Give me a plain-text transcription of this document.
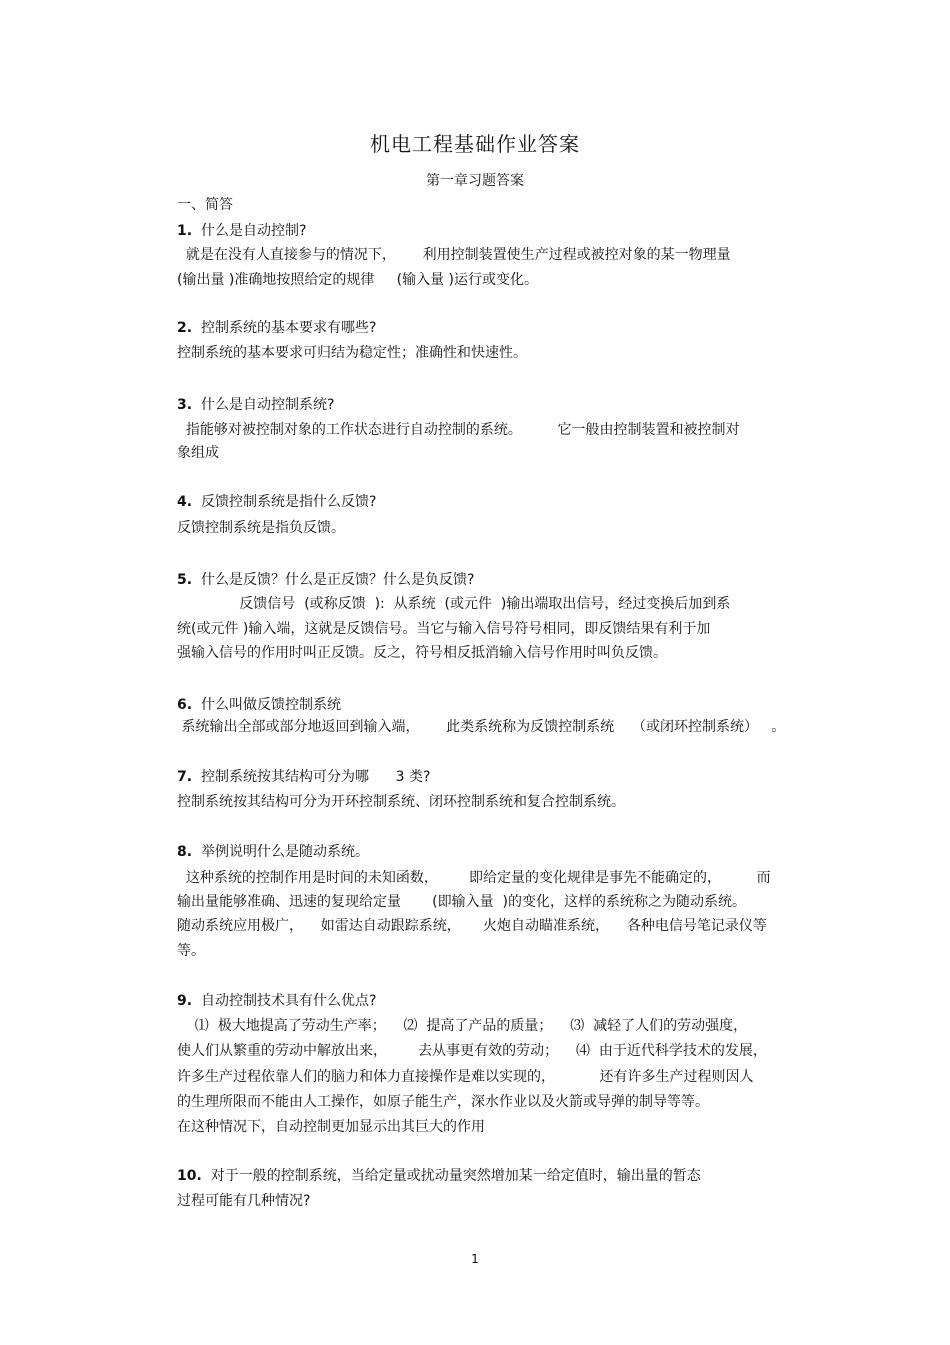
机电工程基础作业答案
第一章习题答案
一、简答
1. 什么是自动控制?
就是在没有人直接参与的情况下，      利用控制装置使生产过程或被控对象的某一物理量
(输出量 )准确地按照给定的规律     (输入量 )运行或变化。
2. 控制系统的基本要求有哪些?
控制系统的基本要求可归结为稳定性；准确性和快速性。
3. 什么是自动控制系统?
指能够对被控制对象的工作状态进行自动控制的系统。        它一般由控制装置和被控制对
象组成
4. 反馈控制系统是指什么反馈?
反馈控制系统是指负反馈。
5. 什么是反馈？什么是正反馈？什么是负反馈?
反馈信号  (或称反馈  ):  从系统  (或元件  )输出端取出信号，经过变换后加到系
统(或元件 )输入端，这就是反馈信号。当它与输入信号符号相同，即反馈结果有利于加
强输入信号的作用时叫正反馈。反之，符号相反抵消输入信号作用时叫负反馈。
6. 什么叫做反馈控制系统
系统输出全部或部分地返回到输入端，      此类系统称为反馈控制系统    （或闭环控制系统）   。
7. 控制系统按其结构可分为哪      3 类?
控制系统按其结构可分为开环控制系统、闭环控制系统和复合控制系统。
8. 举例说明什么是随动系统。
这种系统的控制作用是时间的未知函数，       即给定量的变化规律是事先不能确定的，        而
输出量能够准确、迅速的复现给定量       (即输入量  )的变化，这样的系统称之为随动系统。
随动系统应用极广，    如雷达自动跟踪系统，     火炮自动瞄准系统，    各种电信号笔记录仪等
等。
9. 自动控制技术具有什么优点?
⑴  极大地提高了劳动生产率；    ⑵  提高了产品的质量；    ⑶  减轻了人们的劳动强度，
使人们从繁重的劳动中解放出来，       去从事更有效的劳动；    ⑷  由于近代科学技术的发展，
许多生产过程依靠人们的脑力和体力直接操作是难以实现的，          还有许多生产过程则因人
的生理所限而不能由人工操作，如原子能生产，深水作业以及火箭或导弹的制导等等。
在这种情况下，自动控制更加显示出其巨大的作用
10. 对于一般的控制系统，当给定量或扰动量突然增加某一给定值时，输出量的暂态
过程可能有几种情况?
1
